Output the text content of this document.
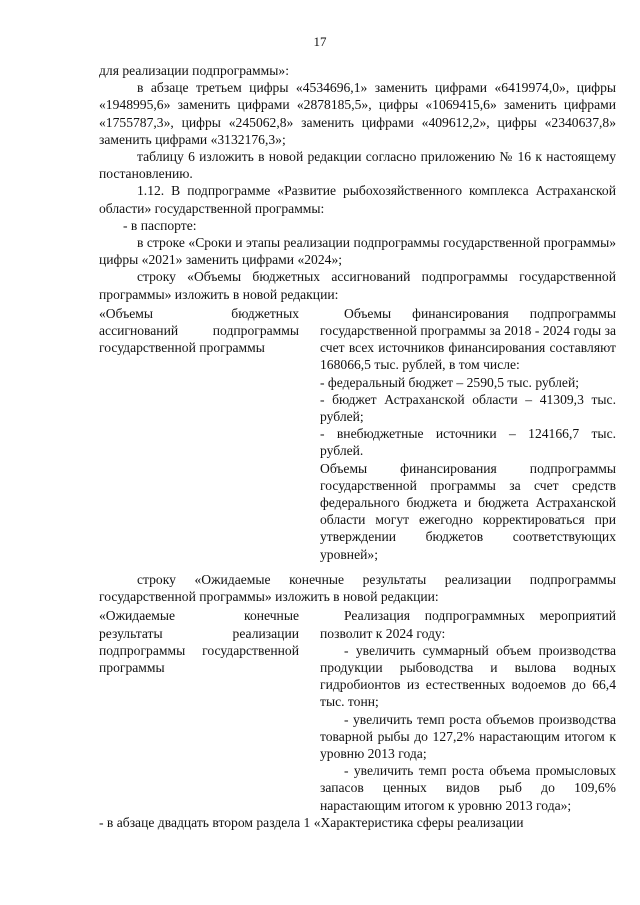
17

для реализации подпрограммы»:

в абзаце третьем цифры «4534696,1» заменить цифрами «6419974,0», цифры «1948995,6» заменить цифрами «2878185,5», цифры «1069415,6» заменить цифрами «1755787,3», цифры «245062,8» заменить цифрами «409612,2», цифры «2340637,8» заменить цифрами «3132176,3»;

таблицу 6 изложить в новой редакции согласно приложению № 16 к настоящему постановлению.

1.12. В подпрограмме «Развитие рыбохозяйственного комплекса Астраханской области» государственной программы:

- в паспорте:

в строке «Сроки и этапы реализации подпрограммы государственной программы» цифры «2021» заменить цифрами «2024»;

строку «Объемы бюджетных ассигнований подпрограммы государственной программы» изложить в новой редакции:

«Объемы бюджетных ассигнований подпрограммы государственной программы

Объемы финансирования подпрограммы государственной программы за 2018 - 2024 годы за счет всех источников финансирования составляют 168066,5 тыс. рублей, в том числе:

- федеральный бюджет – 2590,5 тыс. рублей;

- бюджет Астраханской области – 41309,3 тыс. рублей;

- внебюджетные источники – 124166,7 тыс. рублей.

Объемы финансирования подпрограммы государственной программы за счет средств федерального бюджета и бюджета Астраханской области могут ежегодно корректироваться при утверждении бюджетов соответствующих уровней»;

строку «Ожидаемые конечные результаты реализации подпрограммы государственной программы» изложить в новой редакции:

«Ожидаемые конечные результаты реализации подпрограммы государственной программы

Реализация подпрограммных мероприятий позволит к 2024 году:

- увеличить суммарный объем производства продукции рыбоводства и вылова водных гидробионтов из естественных водоемов до 66,4 тыс. тонн;

- увеличить темп роста объемов производства товарной рыбы до 127,2% нарастающим итогом к уровню 2013 года;

- увеличить темп роста объема промысловых запасов ценных видов рыб до 109,6% нарастающим итогом к уровню 2013 года»;

- в абзаце двадцать втором раздела 1 «Характеристика сферы реализации
